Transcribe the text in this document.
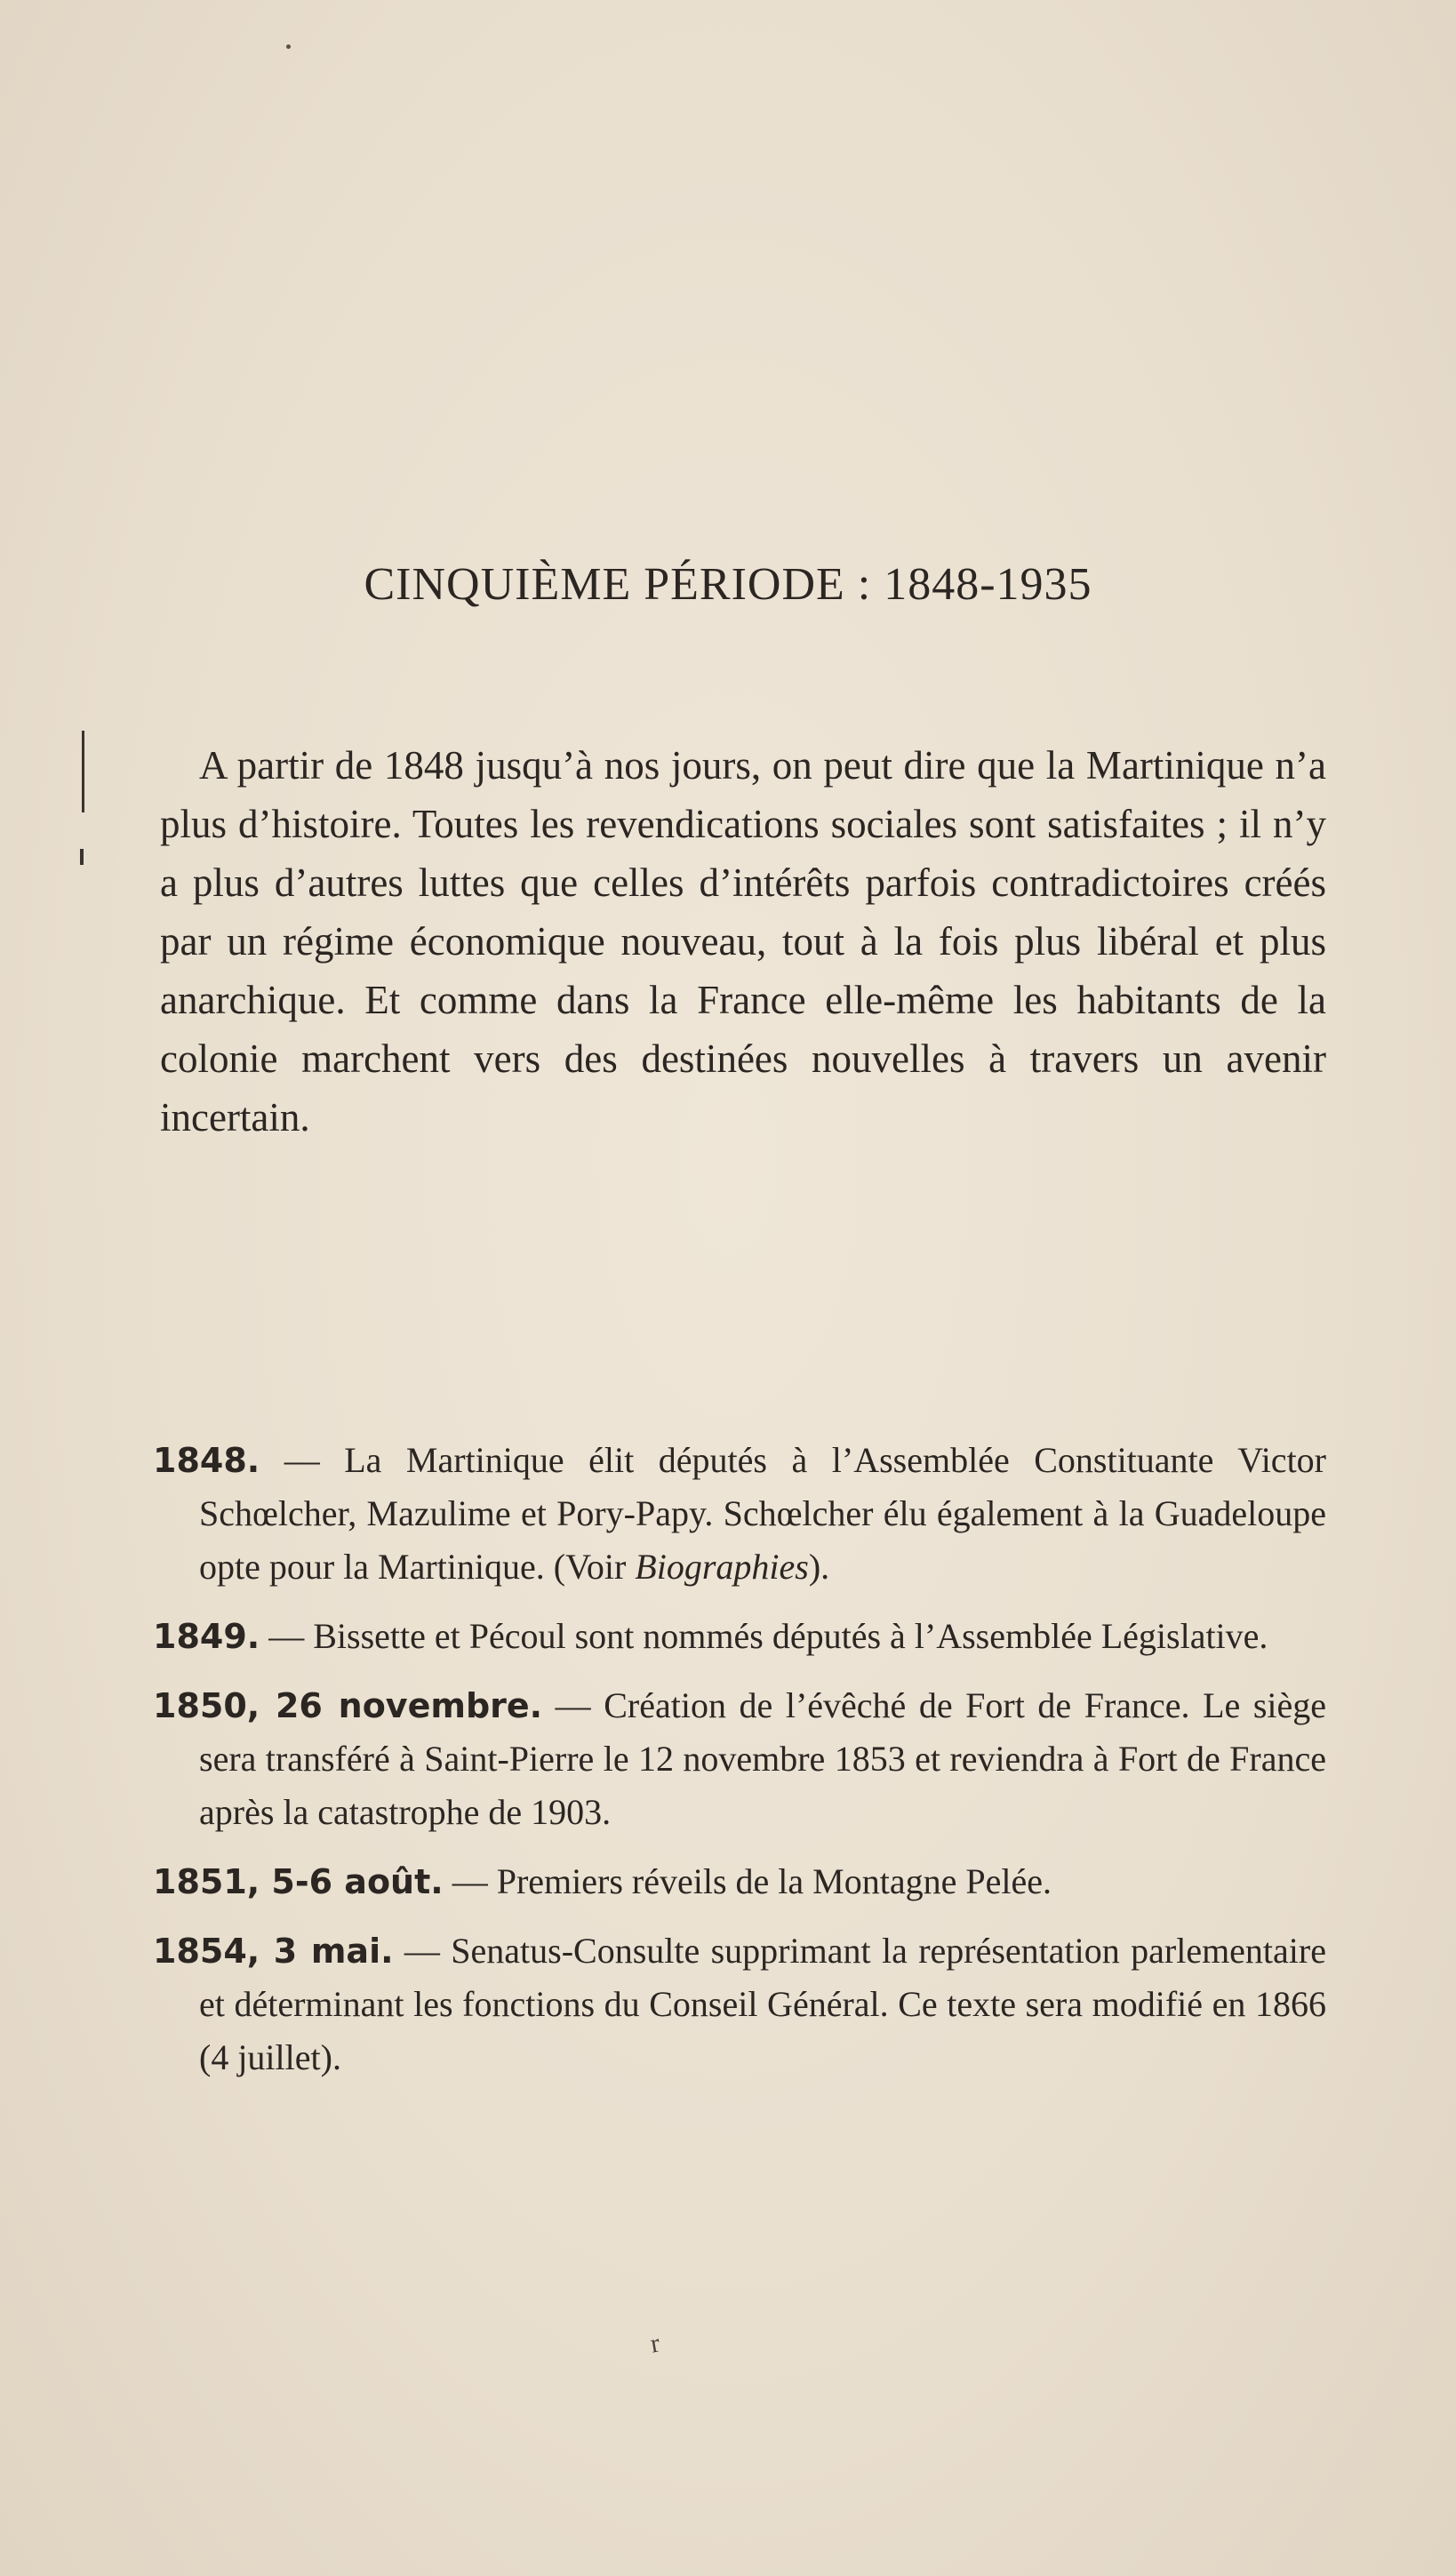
CINQUIÈME PÉRIODE : 1848-1935
A partir de 1848 jusqu’à nos jours, on peut dire que la Martinique n’a plus d’histoire. Toutes les revendications sociales sont satisfaites ; il n’y a plus d’autres luttes que celles d’intérêts parfois contradictoires créés par un régime économique nouveau, tout à la fois plus libéral et plus anarchique. Et comme dans la France elle-même les habitants de la colonie marchent vers des destinées nouvelles à travers un avenir incertain.
1848. — La Martinique élit députés à l’Assemblée Constituante Victor Schœlcher, Mazulime et Pory-Papy. Schœlcher élu également à la Guadeloupe opte pour la Martinique. (Voir Biographies).
1849. — Bissette et Pécoul sont nommés députés à l’Assemblée Législative.
1850, 26 novembre. — Création de l’évêché de Fort de France. Le siège sera transféré à Saint-Pierre le 12 novembre 1853 et reviendra à Fort de France après la catastrophe de 1903.
1851, 5-6 août. — Premiers réveils de la Montagne Pelée.
1854, 3 mai. — Senatus-Consulte supprimant la représentation parlementaire et déterminant les fonctions du Conseil Général. Ce texte sera modifié en 1866 (4 juillet).
r
